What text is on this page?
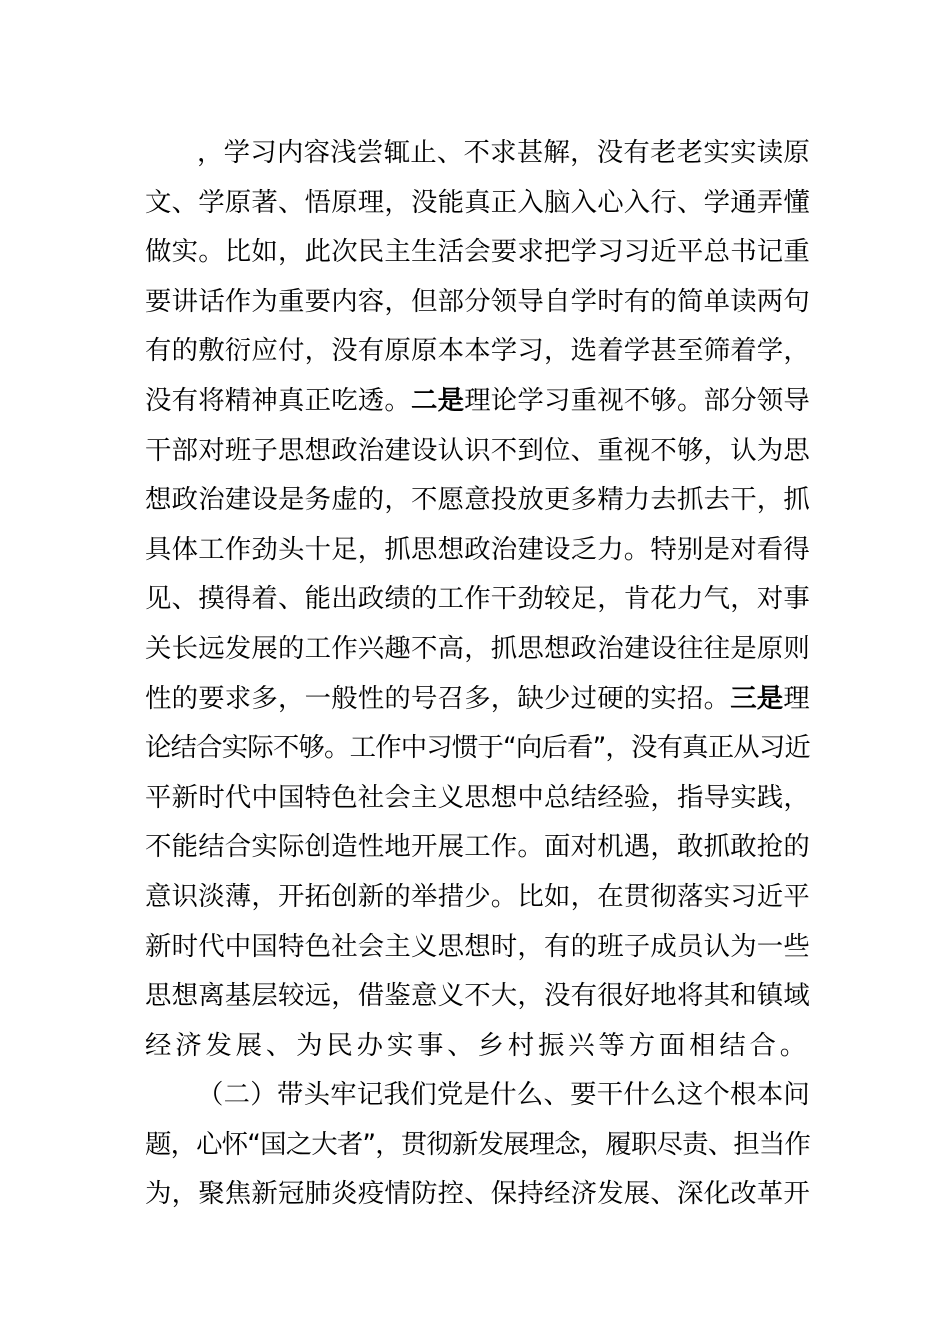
，学习内容浅尝辄止、不求甚解，没有老老实实读原
文、学原著、悟原理，没能真正入脑入心入行、学通弄懂
做实。比如，此次民主生活会要求把学习习近平总书记重
要讲话作为重要内容，但部分领导自学时有的简单读两句
有的敷衍应付，没有原原本本学习，选着学甚至筛着学，
没有将精神真正吃透。二是理论学习重视不够。部分领导
干部对班子思想政治建设认识不到位、重视不够，认为思
想政治建设是务虚的，不愿意投放更多精力去抓去干，抓
具体工作劲头十足，抓思想政治建设乏力。特别是对看得
见、摸得着、能出政绩的工作干劲较足，肯花力气，对事
关长远发展的工作兴趣不高，抓思想政治建设往往是原则
性的要求多，一般性的号召多，缺少过硬的实招。三是理
论结合实际不够。工作中习惯于“向后看”，没有真正从习近
平新时代中国特色社会主义思想中总结经验，指导实践，
不能结合实际创造性地开展工作。面对机遇，敢抓敢抢的
意识淡薄，开拓创新的举措少。比如，在贯彻落实习近平
新时代中国特色社会主义思想时，有的班子成员认为一些
思想离基层较远，借鉴意义不大，没有很好地将其和镇域
经济发展、为民办实事、乡村振兴等方面相结合。
（二）带头牢记我们党是什么、要干什么这个根本问
题，心怀“国之大者”，贯彻新发展理念，履职尽责、担当作
为，聚焦新冠肺炎疫情防控、保持经济发展、深化改革开
